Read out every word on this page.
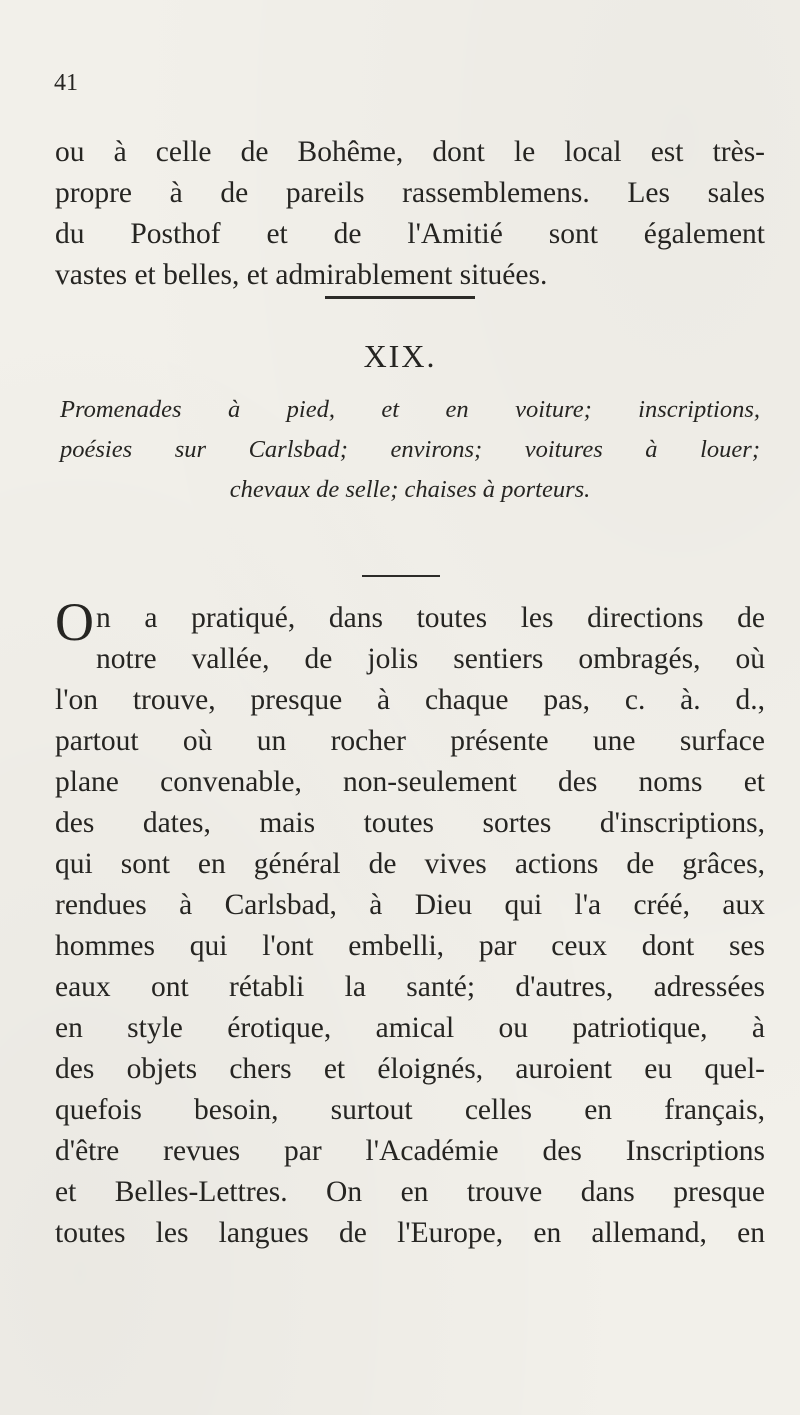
41
ou à celle de Bohême, dont le local est très-
propre à de pareils rassemblemens. Les sales
du Posthof et de l'Amitié sont également
vastes et belles, et admirablement situées.
XIX.
Promenades à pied, et en voiture; inscriptions,
poésies sur Carlsbad; environs; voitures à louer;
chevaux de selle; chaises à porteurs.
O n a pratiqué, dans toutes les directions de
notre vallée, de jolis sentiers ombragés, où
l'on trouve, presque à chaque pas, c. à. d.,
partout où un rocher présente une surface
plane convenable, non-seulement des noms et
des dates, mais toutes sortes d'inscriptions,
qui sont en général de vives actions de grâces,
rendues à Carlsbad, à Dieu qui l'a créé, aux
hommes qui l'ont embelli, par ceux dont ses
eaux ont rétabli la santé; d'autres, adressées
en style érotique, amical ou patriotique, à
des objets chers et éloignés, auroient eu quel-
quefois besoin, surtout celles en français,
d'être revues par l'Académie des Inscriptions
et Belles-Lettres. On en trouve dans presque
toutes les langues de l'Europe, en allemand, en
